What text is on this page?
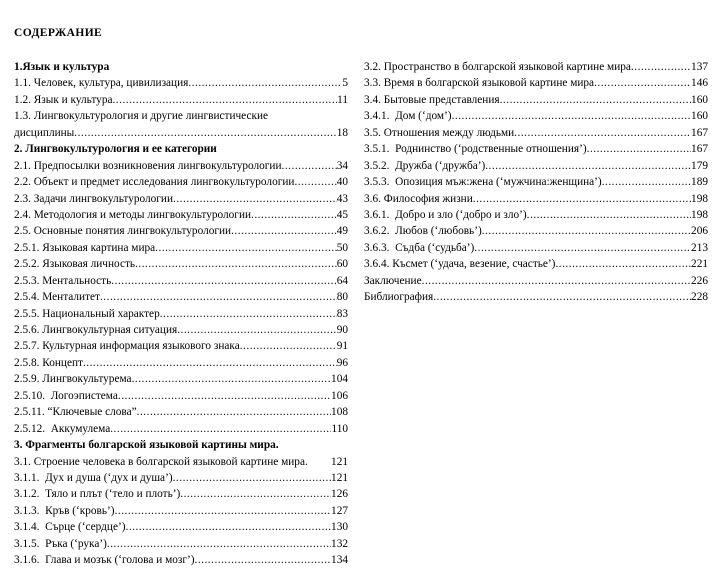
СОДЕРЖАНИЕ
1.Язык и культура
1.1. Человек, культура, цивилизация .....	5
1.2. Язык и культура .....	11
1.3. Лингвокультурология и другие лингвистические
дисциплины .....	18
2. Лингвокультурология и ее категории
2.1. Предпосылки возникновения лингвокультурологии .....	34
2.2. Объект и предмет исследования лингвокультурологии .....	40
2.3. Задачи лингвокультурологии .....	43
2.4. Методология и методы лингвокультурологии .....	45
2.5. Основные понятия лингвокультурологии .....	49
2.5.1. Языковая картина мира .....	50
2.5.2. Языковая личность .....	60
2.5.3. Ментальность .....	64
2.5.4. Менталитет .....	80
2.5.5. Национальный характер .....	83
2.5.6. Лингвокультурная ситуация .....	90
2.5.7. Культурная информация языкового знака .....	91
2.5.8. Концепт .....	96
2.5.9. Лингвокультурема .....	104
2.5.10.  Логоэпистема .....	106
2.5.11. “Ключевые слова” .....	108
2.5.12.  Аккумулема .....	110
3. Фрагменты болгарской языковой картины мира.
3.1. Строение человека в болгарской языковой картине мира. 121
3.1.1.  Дух и душа (‘дух и душа’) .....	121
3.1.2.  Тяло и плът (‘тело и плоть’) .....	126
3.1.3.  Кръв (‘кровь’) .....	127
3.1.4.  Сърце (‘сердце’) .....	130
3.1.5.  Ръка (‘рука’) .....	132
3.1.6.  Глава и мозък (‘голова и мозг’) .....	134
3.2. Пространство в болгарской языковой картине мира .....	137
3.3. Время в болгарской языковой картине мира .....	146
3.4. Бытовые представления .....	160
3.4.1.  Дом (‘дом’) .....	160
3.5. Отношения между людьми .....	167
3.5.1.  Роднинство (‘родственные отношения’) .....	167
3.5.2.  Дружба (‘дружба’) .....	179
3.5.3.  Опозиция мъж:жена (‘мужчина:женщина’) .....	189
3.6. Философия жизни .....	198
3.6.1.  Добро и зло (‘добро и зло’) .....	198
3.6.2.  Любов (‘любовь’) .....	206
3.6.3.  Съдба (‘судьба’) .....	213
3.6.4. Късмет (‘удача, везение, счастье’) .....	221
Заключение .....	226
Библиография .....	228
